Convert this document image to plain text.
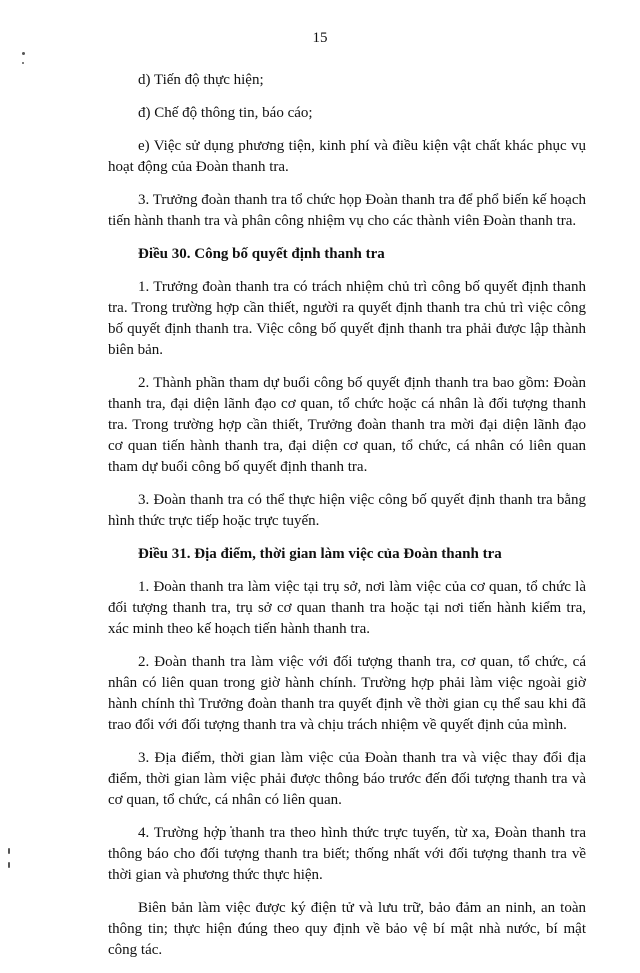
15

d) Tiến độ thực hiện;

đ) Chế độ thông tin, báo cáo;

e) Việc sử dụng phương tiện, kinh phí và điều kiện vật chất khác phục vụ hoạt động của Đoàn thanh tra.

3. Trưởng đoàn thanh tra tổ chức họp Đoàn thanh tra để phổ biến kế hoạch tiến hành thanh tra và phân công nhiệm vụ cho các thành viên Đoàn thanh tra.

Điều 30. Công bố quyết định thanh tra

1. Trưởng đoàn thanh tra có trách nhiệm chủ trì công bố quyết định thanh tra. Trong trường hợp cần thiết, người ra quyết định thanh tra chủ trì việc công bố quyết định thanh tra. Việc công bố quyết định thanh tra phải được lập thành biên bản.

2. Thành phần tham dự buổi công bố quyết định thanh tra bao gồm: Đoàn thanh tra, đại diện lãnh đạo cơ quan, tổ chức hoặc cá nhân là đối tượng thanh tra. Trong trường hợp cần thiết, Trưởng đoàn thanh tra mời đại diện lãnh đạo cơ quan tiến hành thanh tra, đại diện cơ quan, tổ chức, cá nhân có liên quan tham dự buổi công bố quyết định thanh tra.

3. Đoàn thanh tra có thể thực hiện việc công bố quyết định thanh tra bằng hình thức trực tiếp hoặc trực tuyến.

Điều 31. Địa điểm, thời gian làm việc của Đoàn thanh tra

1. Đoàn thanh tra làm việc tại trụ sở, nơi làm việc của cơ quan, tổ chức là đối tượng thanh tra, trụ sở cơ quan thanh tra hoặc tại nơi tiến hành kiểm tra, xác minh theo kế hoạch tiến hành thanh tra.

2. Đoàn thanh tra làm việc với đối tượng thanh tra, cơ quan, tổ chức, cá nhân có liên quan trong giờ hành chính. Trường hợp phải làm việc ngoài giờ hành chính thì Trưởng đoàn thanh tra quyết định về thời gian cụ thể sau khi đã trao đổi với đối tượng thanh tra và chịu trách nhiệm về quyết định của mình.

3. Địa điểm, thời gian làm việc của Đoàn thanh tra và việc thay đổi địa điểm, thời gian làm việc phải được thông báo trước đến đối tượng thanh tra và cơ quan, tổ chức, cá nhân có liên quan.

4. Trường hợp thanh tra theo hình thức trực tuyến, từ xa, Đoàn thanh tra thông báo cho đối tượng thanh tra biết; thống nhất với đối tượng thanh tra về thời gian và phương thức thực hiện.

Biên bản làm việc được ký điện tử và lưu trữ, bảo đảm an ninh, an toàn thông tin; thực hiện đúng theo quy định về bảo vệ bí mật nhà nước, bí mật công tác.
